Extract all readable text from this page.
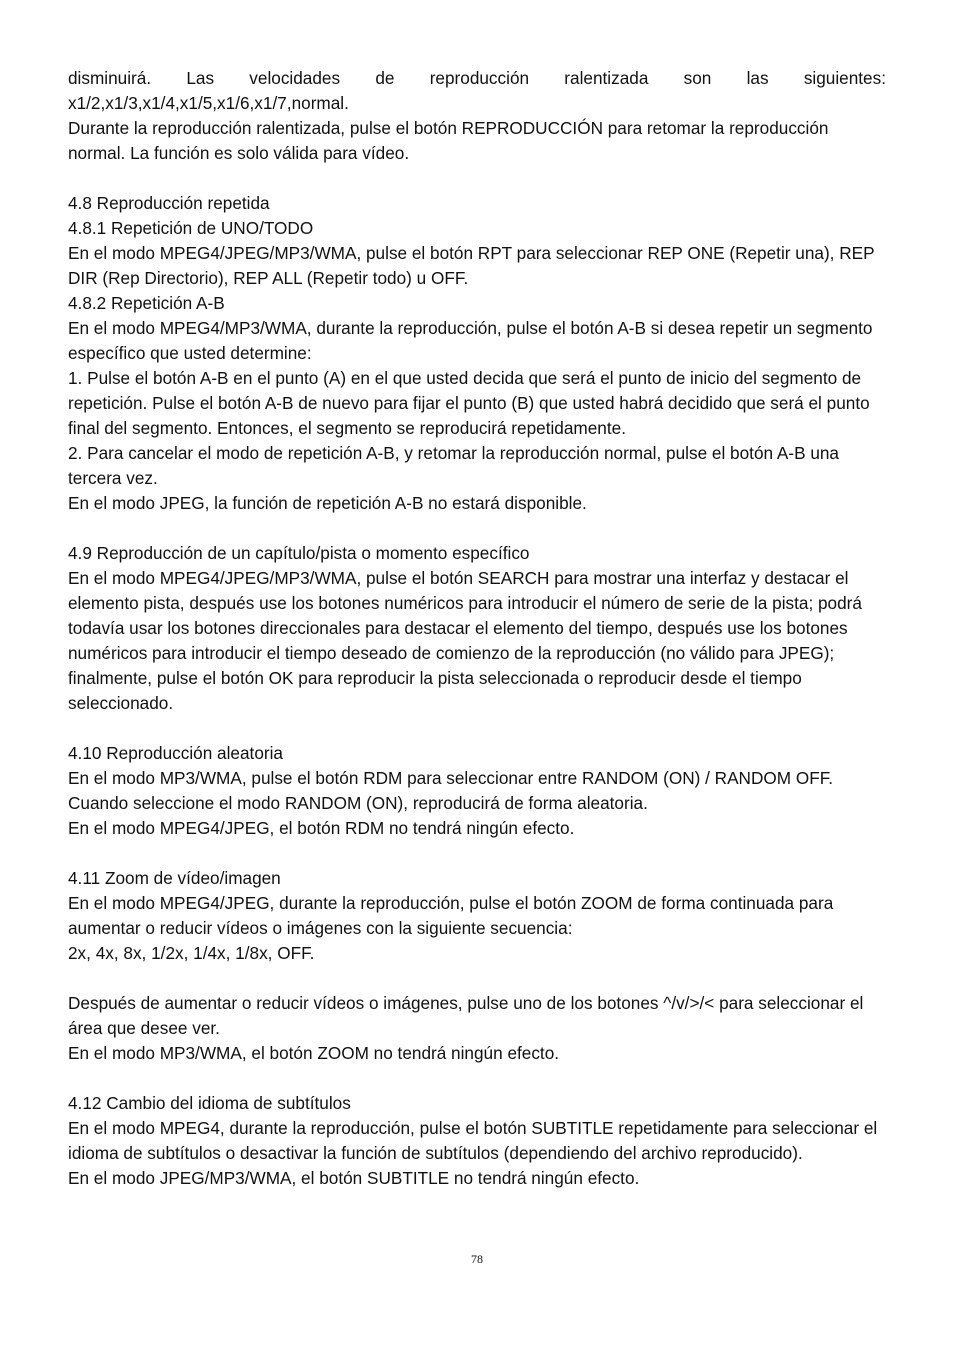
disminuirá. Las velocidades de reproducción ralentizada son las siguientes:

x1/2,x1/3,x1/4,x1/5,x1/6,x1/7,normal.

Durante la reproducción ralentizada, pulse el botón REPRODUCCIÓN para retomar la reproducción normal. La función es solo válida para vídeo.

4.8 Reproducción repetida

4.8.1 Repetición de UNO/TODO

En el modo MPEG4/JPEG/MP3/WMA, pulse el botón RPT para seleccionar REP ONE (Repetir una), REP DIR (Rep Directorio), REP ALL (Repetir todo) u OFF.

4.8.2 Repetición A-B

En el modo MPEG4/MP3/WMA, durante la reproducción, pulse el botón A-B si desea repetir un segmento específico que usted determine:

1. Pulse el botón A-B en el punto (A) en el que usted decida que será el punto de inicio del segmento de repetición. Pulse el botón A-B de nuevo para fijar el punto (B) que usted habrá decidido que será el punto final del segmento. Entonces, el segmento se reproducirá repetidamente.

2. Para cancelar el modo de repetición A-B, y retomar la reproducción normal, pulse el botón A-B una tercera vez.

En el modo JPEG, la función de repetición A-B no estará disponible.

4.9 Reproducción de un capítulo/pista o momento específico

En el modo MPEG4/JPEG/MP3/WMA, pulse el botón SEARCH para mostrar una interfaz y destacar el elemento pista, después use los botones numéricos para introducir el número de serie de la pista; podrá todavía usar los botones direccionales para destacar el elemento del tiempo, después use los botones numéricos para introducir el tiempo deseado de comienzo de la reproducción (no válido para JPEG); finalmente, pulse el botón OK para reproducir la pista seleccionada o reproducir desde el tiempo seleccionado.

4.10 Reproducción aleatoria

En el modo MP3/WMA, pulse el botón RDM para seleccionar entre RANDOM (ON) / RANDOM OFF. Cuando seleccione el modo RANDOM (ON), reproducirá de forma aleatoria.

En el modo MPEG4/JPEG, el botón RDM no tendrá ningún efecto.

4.11 Zoom de vídeo/imagen

En el modo MPEG4/JPEG, durante la reproducción, pulse el botón ZOOM de forma continuada para aumentar o reducir vídeos o imágenes con la siguiente secuencia:

2x, 4x, 8x, 1/2x, 1/4x, 1/8x, OFF.

Después de aumentar o reducir vídeos o imágenes, pulse uno de los botones ^/v/>/< para seleccionar el área que desee ver.

En el modo MP3/WMA, el botón ZOOM no tendrá ningún efecto.

4.12 Cambio del idioma de subtítulos

En el modo MPEG4, durante la reproducción, pulse el botón SUBTITLE repetidamente para seleccionar el idioma de subtítulos o desactivar la función de subtítulos (dependiendo del archivo reproducido).

En el modo JPEG/MP3/WMA, el botón SUBTITLE no tendrá ningún efecto.

78
